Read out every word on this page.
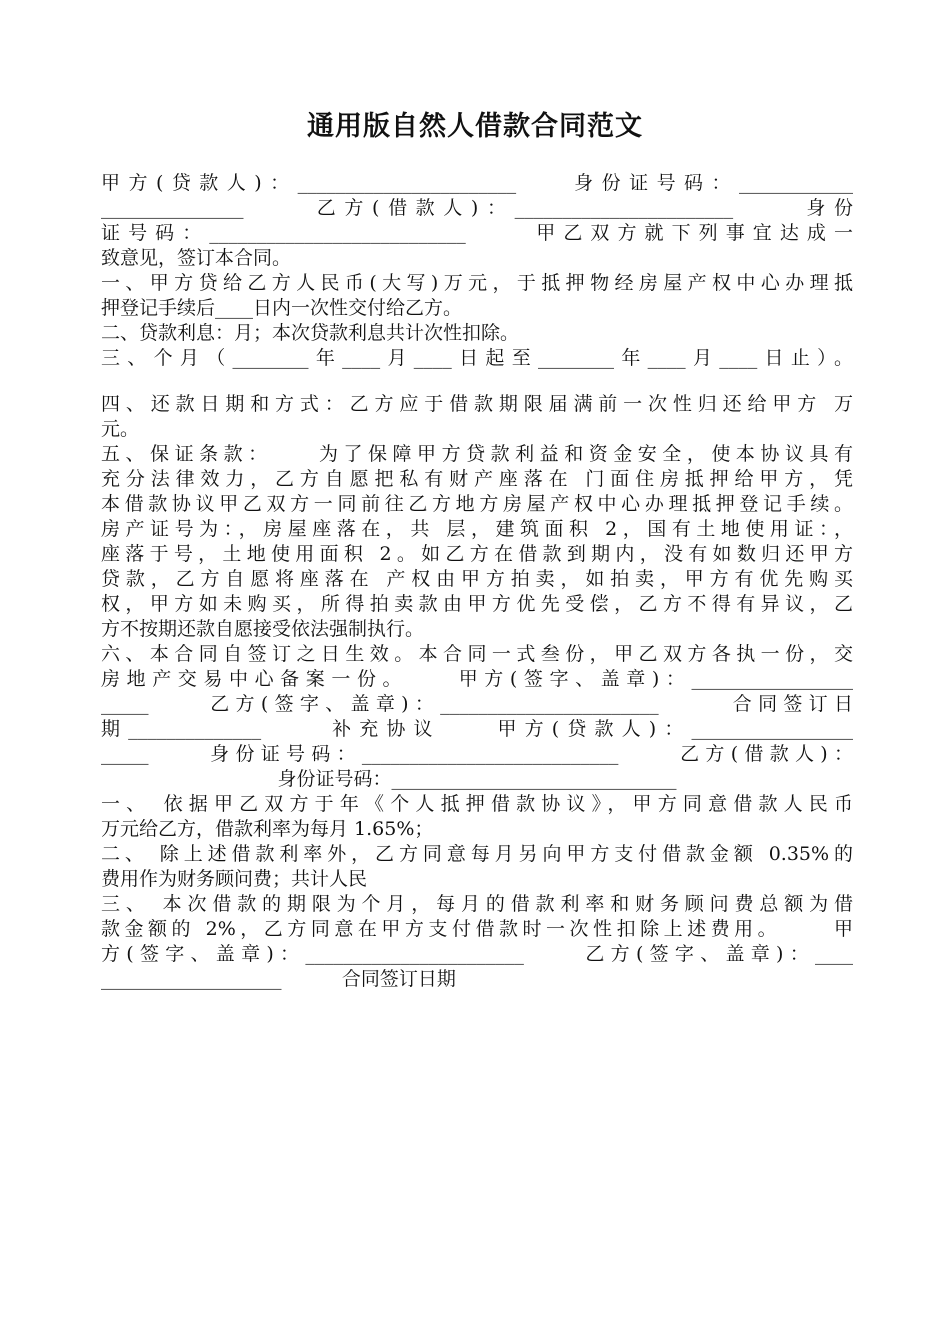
通用版自然人借款合同范文
甲方(贷款人)：_______________________    身份证号码：____________
_______________     乙方(借款人)：_______________________     身份
证号码：___________________________     甲乙双方就下列事宜达成一
致意见，签订本合同。
一、甲方贷给乙方人民币(大写)万元，于抵押物经房屋产权中心办理抵
押登记手续后____日内一次性交付给乙方。
二、贷款利息：月；本次贷款利息共计次性扣除。
三、个月（________年____月____日起至________年____月____日止）。
四、还款日期和方式：乙方应于借款期限届满前一次性归还给甲方 万
元。
五、保证条款：    为了保障甲方贷款利益和资金安全，使本协议具有
充分法律效力，乙方自愿把私有财产座落在 门面住房抵押给甲方，凭
本借款协议甲乙双方一同前往乙方地方房屋产权中心办理抵押登记手续。
房产证号为：，房屋座落在，共 层，建筑面积 2，国有土地使用证：，
座落于号，土地使用面积 2。如乙方在借款到期内，没有如数归还甲方
贷款，乙方自愿将座落在 产权由甲方拍卖，如拍卖，甲方有优先购买
权，甲方如未购买，所得拍卖款由甲方优先受偿，乙方不得有异议，乙
方不按期还款自愿接受依法强制执行。
六、本合同自签订之日生效。本合同一式叁份，甲乙双方各执一份，交
房地产交易中心备案一份。    甲方(签字、盖章)：_________________
_____     乙方(签字、盖章)：_______________________      合同签订日
期______________     补充协议    甲方(贷款人)：_________________
_____     身份证号码：___________________________     乙方(借款人)：
身份证号码：______________________________
一、 依据甲乙双方于年《个人抵押借款协议》，甲方同意借款人民币
万元给乙方，借款利率为每月 1.65%；
二、 除上述借款利率外，乙方同意每月另向甲方支付借款金额 0.35%的
费用作为财务顾问费；共计人民
三、 本次借款的期限为个月，每月的借款利率和财务顾问费总额为借
款金额的 2%，乙方同意在甲方支付借款时一次性扣除上述费用。     甲
方(签字、盖章)：_______________________     乙方(签字、盖章)：____
___________________          合同签订日期
